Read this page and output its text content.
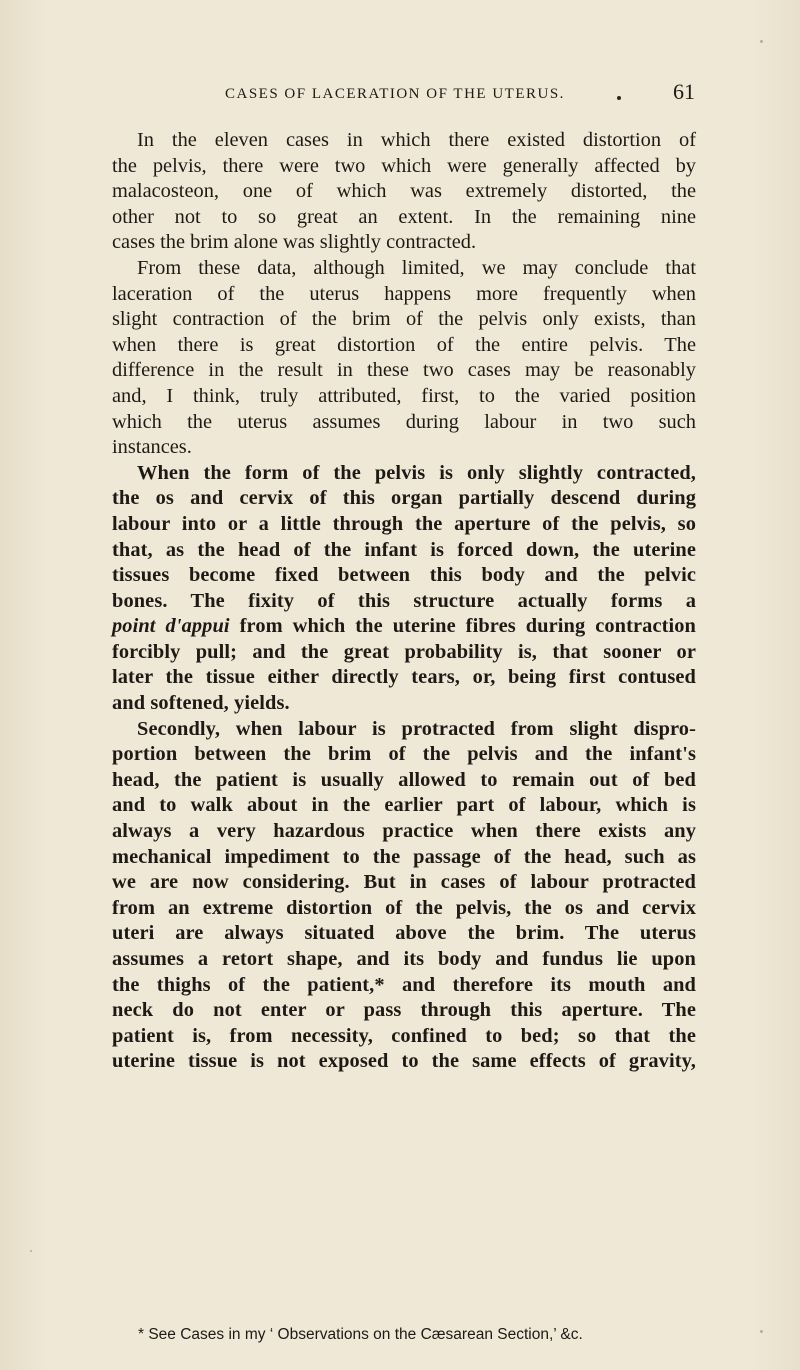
CASES OF LACERATION OF THE UTERUS.	61
In the eleven cases in which there existed distortion of
the pelvis, there were two which were generally affected by
malacosteon, one of which was extremely distorted, the
other not to so great an extent. In the remaining nine
cases the brim alone was slightly contracted.
From these data, although limited, we may conclude that
laceration of the uterus happens more frequently when
slight contraction of the brim of the pelvis only exists, than
when there is great distortion of the entire pelvis. The
difference in the result in these two cases may be reasonably
and, I think, truly attributed, first, to the varied position
which the uterus assumes during labour in two such
instances.
When the form of the pelvis is only slightly contracted,
the os and cervix of this organ partially descend during
labour into or a little through the aperture of the pelvis, so
that, as the head of the infant is forced down, the uterine
tissues become fixed between this body and the pelvic
bones. The fixity of this structure actually forms a
point d'appui from which the uterine fibres during contraction
forcibly pull; and the great probability is, that sooner or
later the tissue either directly tears, or, being first contused
and softened, yields.
Secondly, when labour is protracted from slight dispro-
portion between the brim of the pelvis and the infant's
head, the patient is usually allowed to remain out of bed
and to walk about in the earlier part of labour, which is
always a very hazardous practice when there exists any
mechanical impediment to the passage of the head, such as
we are now considering. But in cases of labour protracted
from an extreme distortion of the pelvis, the os and cervix
uteri are always situated above the brim. The uterus
assumes a retort shape, and its body and fundus lie upon
the thighs of the patient,* and therefore its mouth and
neck do not enter or pass through this aperture. The
patient is, from necessity, confined to bed; so that the
uterine tissue is not exposed to the same effects of gravity,
* See Cases in my ‘ Observations on the Cæsarean Section,’ &c.
